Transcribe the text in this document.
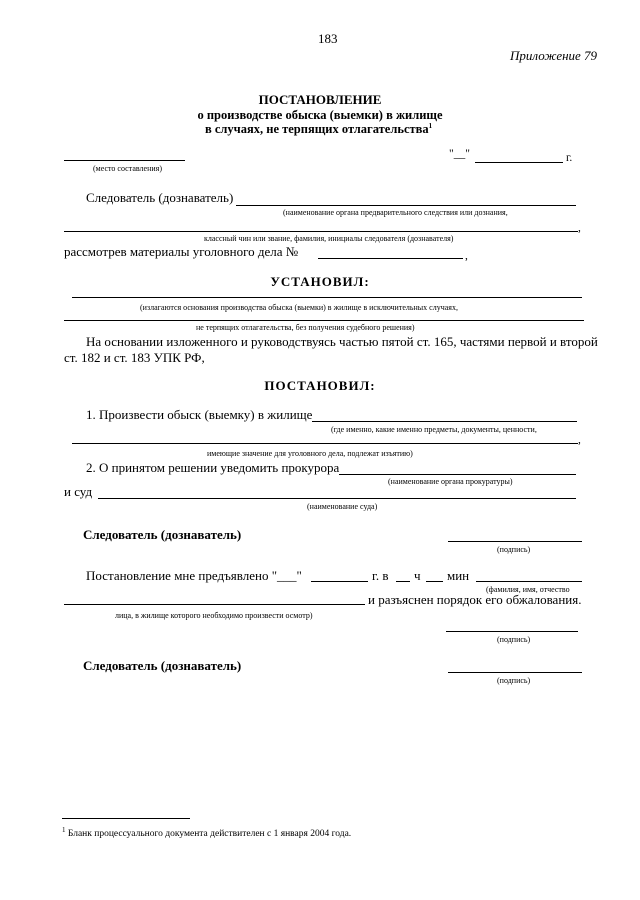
183
Приложение 79
ПОСТАНОВЛЕНИЕ
о производстве обыска (выемки) в жилище
в случаях, не терпящих отлагательства$^1$
(место составления)
"__"	г.
Следователь (дознаватель)
(наименование органа предварительного следствия или дознания,
,
классный чин или звание, фамилия, инициалы следователя (дознавателя)
рассмотрев материалы уголовного дела №	,
УСТАНОВИЛ:
(излагаются основания производства обыска (выемки) в жилище в исключительных случаях,
не терпящих отлагательства, без получения судебного решения)
На основании изложенного и руководствуясь частью пятой ст. 165, частями первой и второй
ст. 182 и ст. 183 УПК РФ,
ПОСТАНОВИЛ:
1. Произвести обыск (выемку) в жилище
(где именно, какие именно предметы, документы, ценности,
,
имеющие значение для уголовного дела, подлежат изъятию)
2. О принятом решении уведомить прокурора
(наименование органа прокуратуры)
и суд
(наименование суда)
Следователь (дознаватель)
(подпись)
Постановление мне предъявлено "___"	г. в ч мин
(фамилия, имя, отчество
и разъяснен порядок его обжалования.
лица, в жилище которого необходимо произвести осмотр)
(подпись)
Следователь (дознаватель)
(подпись)
$^1$ Бланк процессуального документа действителен с 1 января 2004 года.
